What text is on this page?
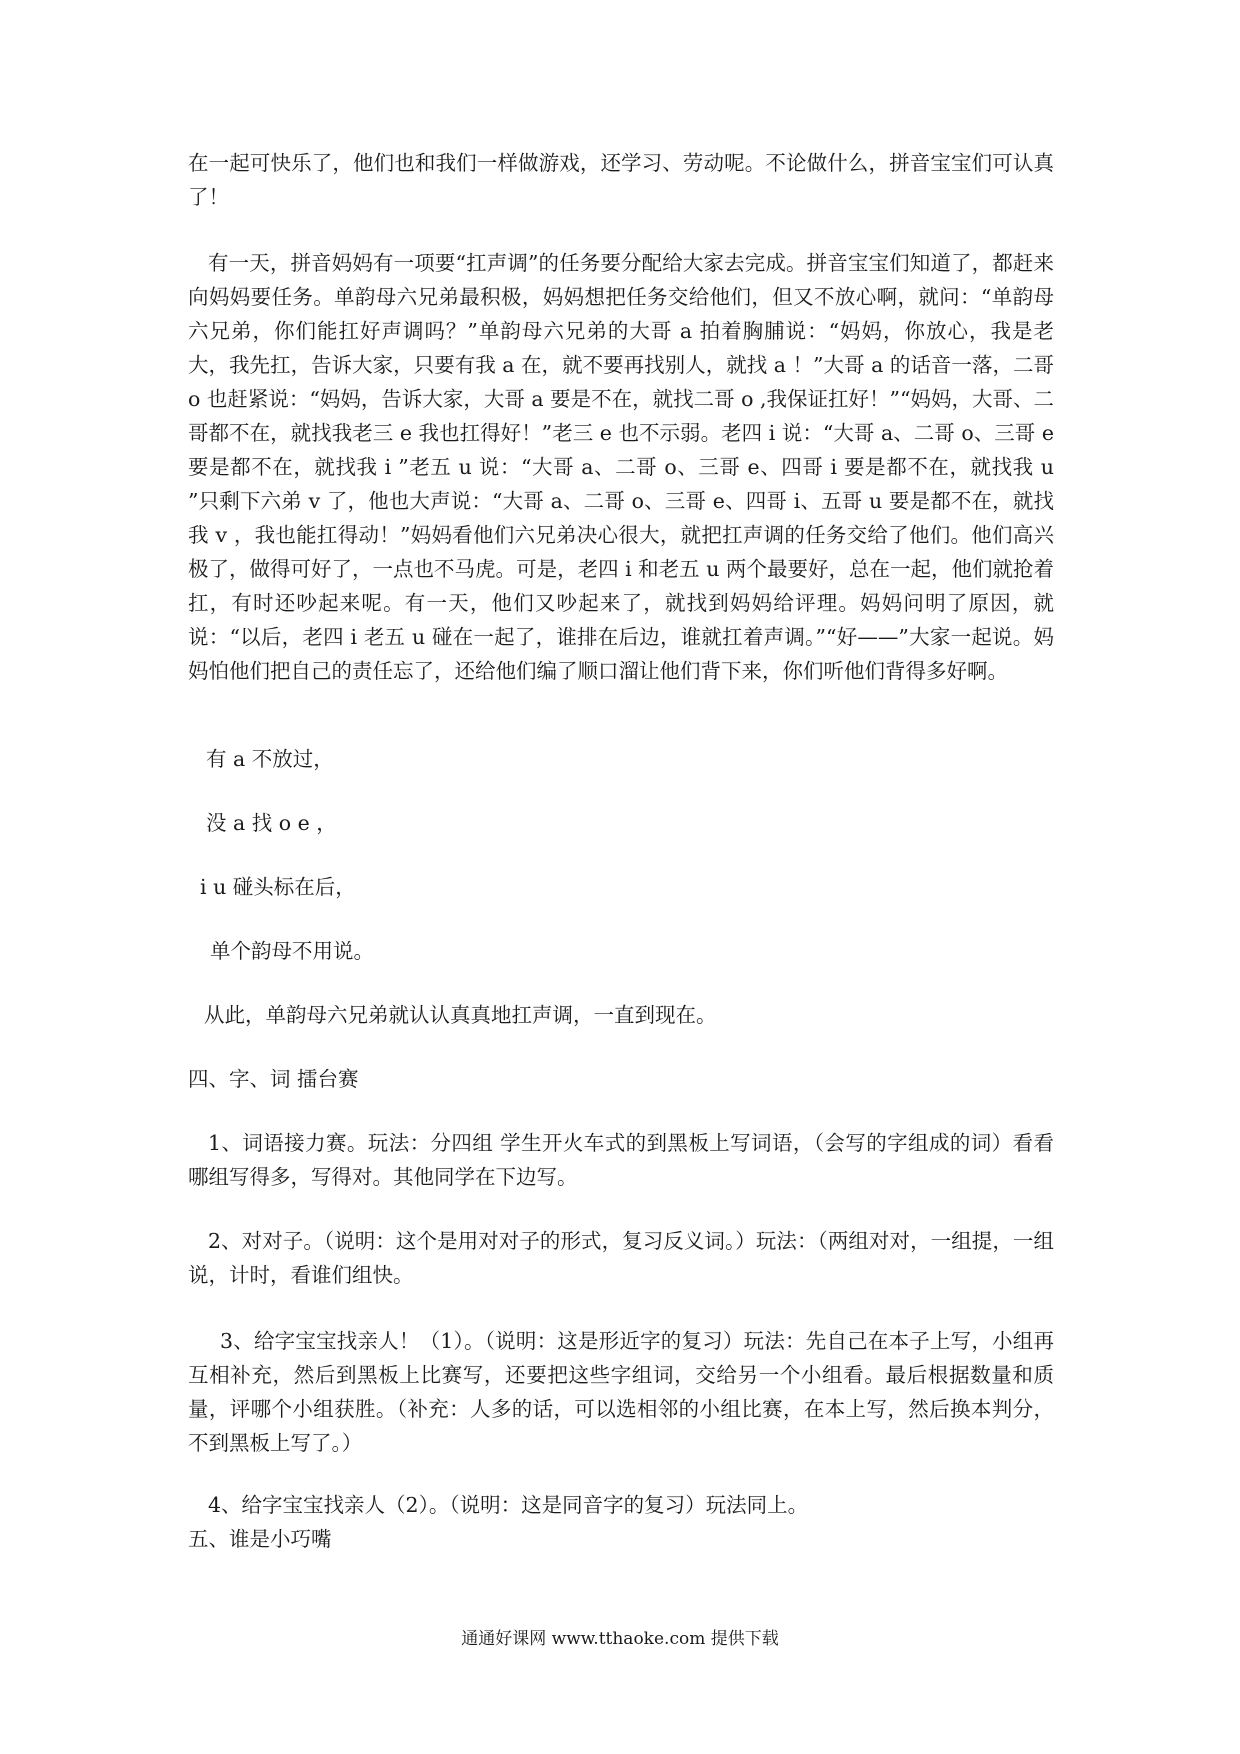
在一起可快乐了，他们也和我们一样做游戏，还学习、劳动呢。不论做什么，拼音宝宝们可认真了！

有一天，拼音妈妈有一项要“扛声调”的任务要分配给大家去完成。拼音宝宝们知道了，都赶来向妈妈要任务。单韵母六兄弟最积极，妈妈想把任务交给他们，但又不放心啊，就问：“单韵母六兄弟，你们能扛好声调吗？”单韵母六兄弟的大哥 a 拍着胸脯说：“妈妈，你放心，我是老大，我先扛，告诉大家，只要有我 a 在，就不要再找别人，就找 a ！”大哥 a 的话音一落，二哥 o 也赶紧说：“妈妈，告诉大家，大哥 a 要是不在，就找二哥 o ,我保证扛好！”“妈妈，大哥、二哥都不在，就找我老三 e 我也扛得好！”老三 e 也不示弱。老四 i 说：“大哥 a、二哥 o、三哥 e 要是都不在，就找我 i ”老五 u 说：“大哥 a、二哥 o、三哥 e、四哥 i 要是都不在，就找我 u ”只剩下六弟 v 了，他也大声说：“大哥 a、二哥 o、三哥 e、四哥 i、五哥 u 要是都不在，就找我 v ，我也能扛得动！”妈妈看他们六兄弟决心很大，就把扛声调的任务交给了他们。他们高兴极了，做得可好了，一点也不马虎。可是，老四 i 和老五 u 两个最要好，总在一起，他们就抢着扛，有时还吵起来呢。有一天，他们又吵起来了，就找到妈妈给评理。妈妈问明了原因，就说：“以后，老四 i 老五 u 碰在一起了，谁排在后边，谁就扛着声调。”“好——”大家一起说。妈妈怕他们把自己的责任忘了，还给他们编了顺口溜让他们背下来，你们听他们背得多好啊。

有 a 不放过，

没 a 找 o e ，

i u 碰头标在后，

单个韵母不用说。

从此，单韵母六兄弟就认认真真地扛声调，一直到现在。

四、字、词 擂台赛

1、词语接力赛。玩法：分四组 学生开火车式的到黑板上写词语，（会写的字组成的词）看看哪组写得多，写得对。其他同学在下边写。

2、对对子。（说明：这个是用对对子的形式，复习反义词。）玩法：（两组对对，一组提，一组说，计时，看谁们组快。

3、给字宝宝找亲人！（1）。（说明：这是形近字的复习）玩法：先自己在本子上写，小组再互相补充，然后到黑板上比赛写，还要把这些字组词，交给另一个小组看。最后根据数量和质量，评哪个小组获胜。（补充：人多的话，可以选相邻的小组比赛，在本上写，然后换本判分，不到黑板上写了。）

4、给字宝宝找亲人（2）。（说明：这是同音字的复习）玩法同上。

五、谁是小巧嘴

通通好课网 www.tthaoke.com 提供下载
